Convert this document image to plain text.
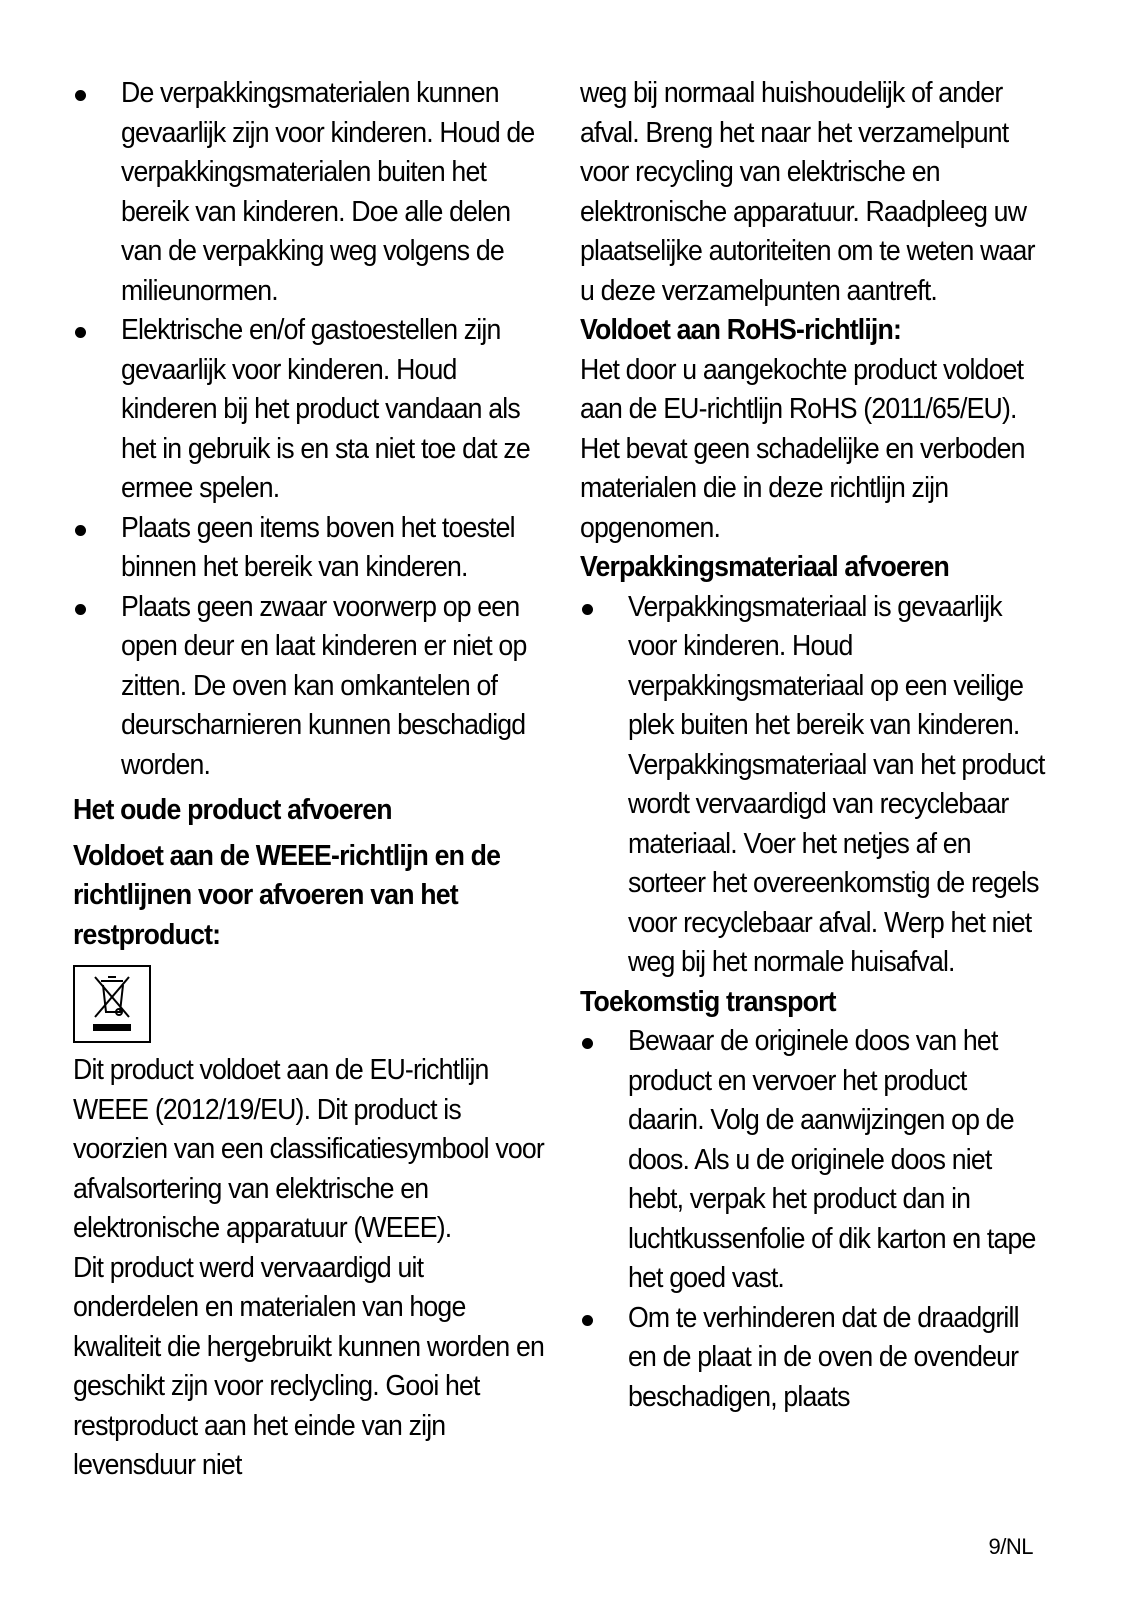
De verpakkingsmaterialen kunnen gevaarlijk zijn voor kinderen. Houd de verpakkingsmaterialen buiten het bereik van kinderen. Doe alle delen van de verpakking weg volgens de milieunormen.
Elektrische en/of gastoestellen zijn gevaarlijk voor kinderen. Houd kinderen bij het product vandaan als het in gebruik is en sta niet toe dat ze ermee spelen.
Plaats geen items boven het toestel binnen het bereik van kinderen.
Plaats geen zwaar voorwerp op een open deur en laat kinderen er niet op zitten. De oven kan omkantelen of deurscharnieren kunnen beschadigd worden.
Het oude product afvoeren
Voldoet aan de WEEE-richtlijn en de richtlijnen voor afvoeren van het restproduct:

Dit product voldoet aan de EU-richtlijn WEEE (2012/19/EU). Dit product is voorzien van een classificatiesymbool voor afvalsortering van elektrische en elektronische apparatuur (WEEE).

Dit product werd vervaardigd uit onderdelen en materialen van hoge kwaliteit die hergebruikt kunnen worden en geschikt zijn voor reclycling. Gooi het restproduct aan het einde van zijn levensduur niet

weg bij normaal huishoudelijk of ander afval. Breng het naar het verzamelpunt voor recycling van elektrische en elektronische apparatuur. Raadpleeg uw plaatselijke autoriteiten om te weten waar u deze verzamelpunten aantreft.

Voldoet aan RoHS-richtlijn:

Het door u aangekochte product voldoet aan de EU-richtlijn RoHS (2011/65/EU). Het bevat geen schadelijke en verboden materialen die in deze richtlijn zijn opgenomen.

Verpakkingsmateriaal afvoeren
Verpakkingsmateriaal is gevaarlijk voor kinderen. Houd verpakkingsmateriaal op een veilige plek buiten het bereik van kinderen. Verpakkingsmateriaal van het product wordt vervaardigd van recyclebaar materiaal. Voer het netjes af en sorteer het overeenkomstig de regels voor recyclebaar afval. Werp het niet weg bij het normale huisafval.
Toekomstig transport
Bewaar de originele doos van het product en vervoer het product daarin. Volg de aanwijzingen op de doos. Als u de originele doos niet hebt, verpak het product dan in luchtkussenfolie of dik karton en tape het goed vast.
Om te verhinderen dat de draadgrill en de plaat in de oven de ovendeur beschadigen, plaats
9/NL
